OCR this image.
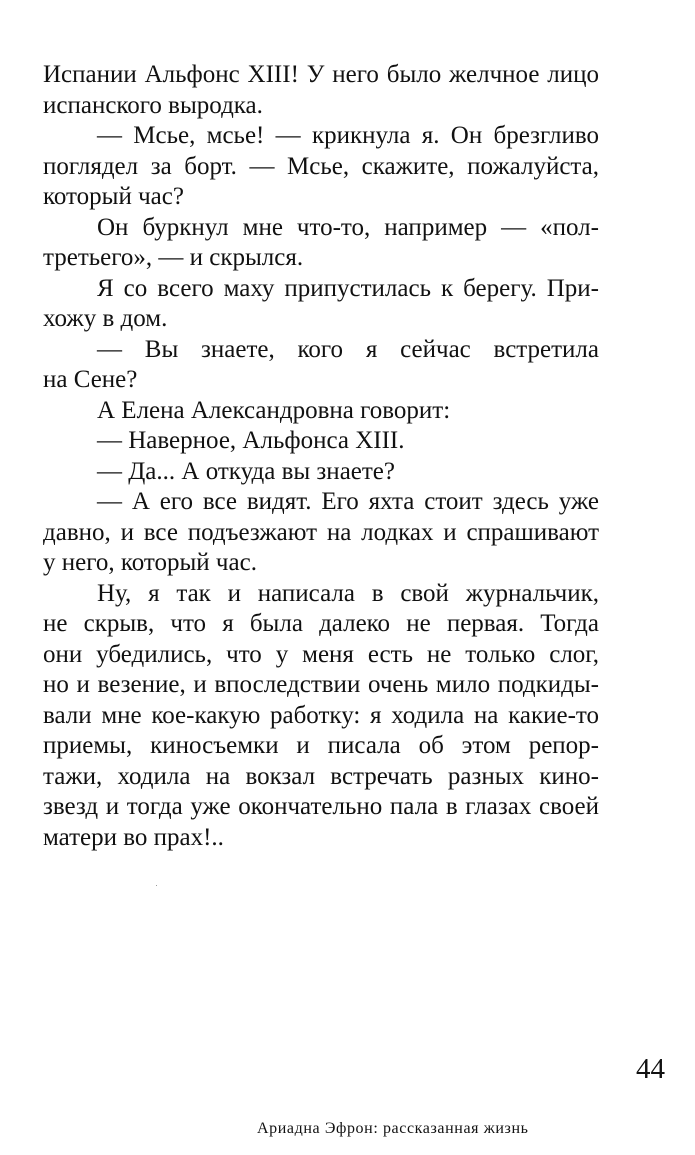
Испании Альфонс XIII! У него было желчное лицо
испанского выродка.
— Мсье, мсье! — крикнула я. Он брезгливо
поглядел за борт. — Мсье, скажите, пожалуйста,
который час?
Он буркнул мне что-то, например — «пол-
третьего», — и скрылся.
Я со всего маху припустилась к берегу. При-
хожу в дом.
— Вы знаете, кого я сейчас встретила
на Сене?
А Елена Александровна говорит:
— Наверное, Альфонса XIII.
— Да... А откуда вы знаете?
— А его все видят. Его яхта стоит здесь уже
давно, и все подъезжают на лодках и спрашивают
у него, который час.
Ну, я так и написала в свой журнальчик,
не скрыв, что я была далеко не первая. Тогда
они убедились, что у меня есть не только слог,
но и везение, и впоследствии очень мило подкиды-
вали мне кое-какую работку: я ходила на какие-то
приемы, киносъемки и писала об этом репор-
тажи, ходила на вокзал встречать разных кино-
звезд и тогда уже окончательно пала в глазах своей
матери во прах!..
44
Ариадна Эфрон: рассказанная жизнь
